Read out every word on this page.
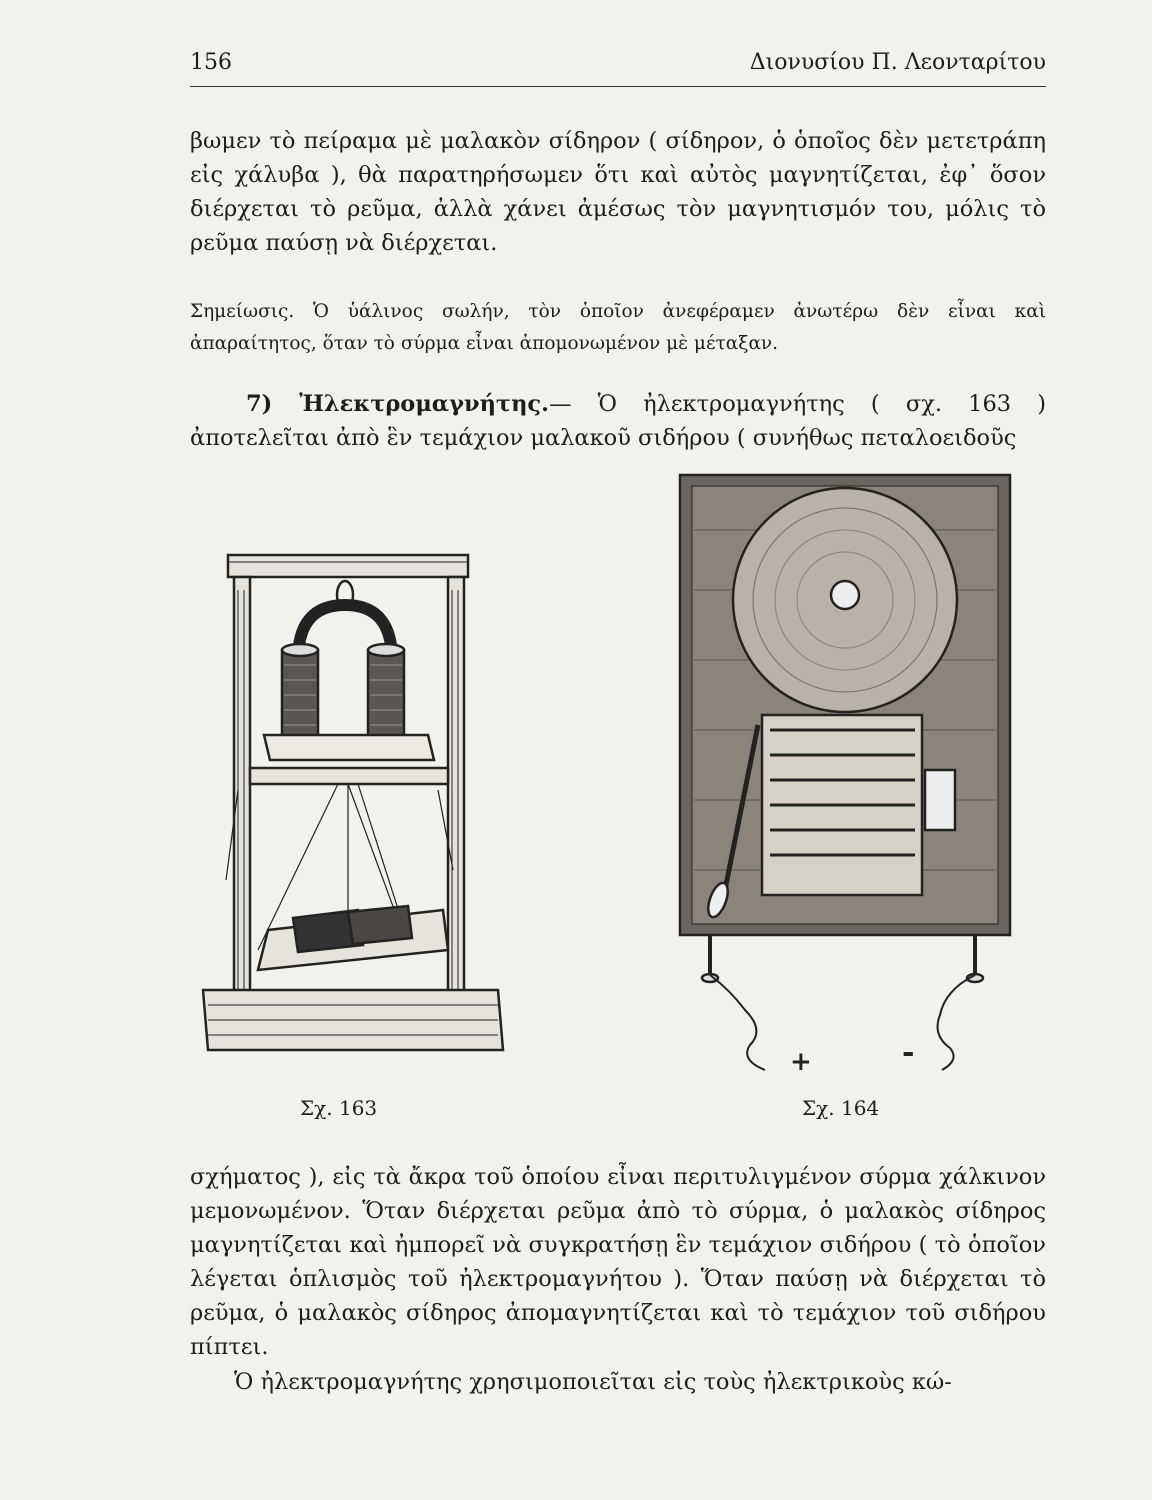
156	Διονυσίου Π. Λεονταρίτου

βωμεν τὸ πείραμα μὲ μαλακὸν σίδηρον ( σίδηρον, ὁ ὁποῖος δὲν μετετράπη εἰς χάλυβα ), θὰ παρατηρήσωμεν ὅτι καὶ αὐτὸς μαγνητίζεται, ἐφ᾽ ὅσον διέρχεται τὸ ρεῦμα, ἀλλὰ χάνει ἀμέσως τὸν μαγνητισμόν του, μόλις τὸ ρεῦμα παύσῃ νὰ διέρχεται.

Σημείωσις. Ὁ ὑάλινος σωλήν, τὸν ὁποῖον ἀνεφέραμεν ἀνωτέρω δὲν εἶναι καὶ ἀπαραίτητος, ὅταν τὸ σύρμα εἶναι ἀπομονωμένον μὲ μέταξαν.

7) Ἠλεκτρομαγνήτης.— Ὁ ἠλεκτρομαγνήτης ( σχ. 163 ) ἀποτελεῖται ἀπὸ ἓν τεμάχιον μαλακοῦ σιδήρου ( συνήθως πεταλοειδοῦς

Σχ. 163
+	-
Σχ. 164

σχήματος ), εἰς τὰ ἄκρα τοῦ ὁποίου εἶναι περιτυλιγμένον σύρμα χάλκινον μεμονωμένον. Ὅταν διέρχεται ρεῦμα ἀπὸ τὸ σύρμα, ὁ μαλακὸς σίδηρος μαγνητίζεται καὶ ἠμπορεῖ νὰ συγκρατήσῃ ἓν τεμάχιον σιδήρου ( τὸ ὁποῖον λέγεται ὁπλισμὸς τοῦ ἠλεκτρομαγνήτου ). Ὅταν παύσῃ νὰ διέρχεται τὸ ρεῦμα, ὁ μαλακὸς σίδηρος ἀπομαγνητίζεται καὶ τὸ τεμάχιον τοῦ σιδήρου πίπτει.

Ὁ ἠλεκτρομαγνήτης χρησιμοποιεῖται εἰς τοὺς ἠλεκτρικοὺς κώ-
